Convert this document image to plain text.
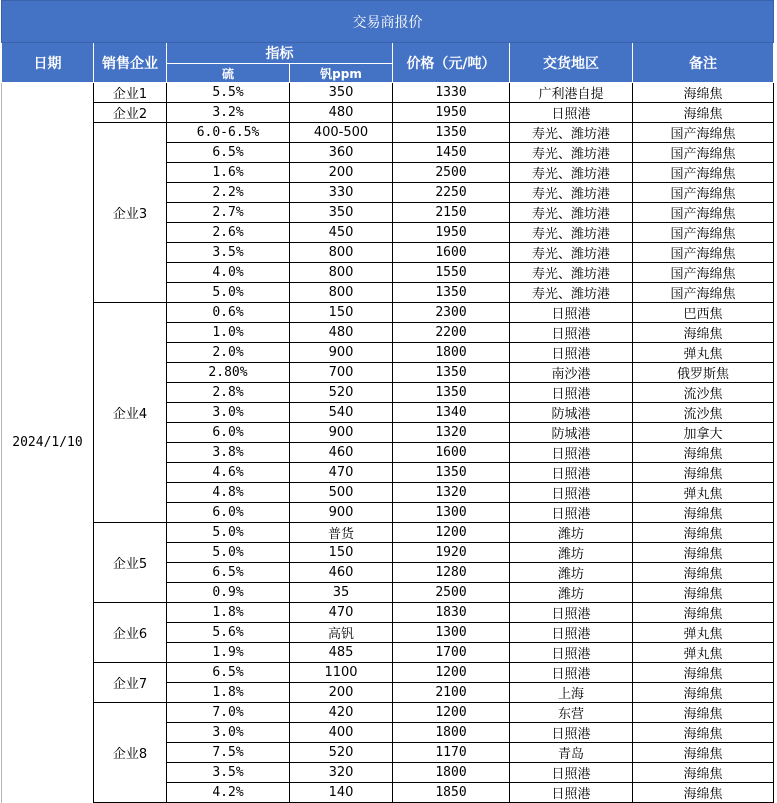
交易商报价						
日期	销售企业	指标		价格（元/吨）	交货地区	备注
		硫	钒ppm			
2024/1/10	企业1	5.5%	350	1330	广利港自提	海绵焦
	企业2	3.2%	480	1950	日照港	海绵焦
	企业3	6.0-6.5%	400-500	1350	寿光、潍坊港	国产海绵焦
		6.5%	360	1450	寿光、潍坊港	国产海绵焦
		1.6%	200	2500	寿光、潍坊港	国产海绵焦
		2.2%	330	2250	寿光、潍坊港	国产海绵焦
		2.7%	350	2150	寿光、潍坊港	国产海绵焦
		2.6%	450	1950	寿光、潍坊港	国产海绵焦
		3.5%	800	1600	寿光、潍坊港	国产海绵焦
		4.0%	800	1550	寿光、潍坊港	国产海绵焦
		5.0%	800	1350	寿光、潍坊港	国产海绵焦
	企业4	0.6%	150	2300	日照港	巴西焦
		1.0%	480	2200	日照港	海绵焦
		2.0%	900	1800	日照港	弹丸焦
		2.80%	700	1350	南沙港	俄罗斯焦
		2.8%	520	1350	日照港	流沙焦
		3.0%	540	1340	防城港	流沙焦
		6.0%	900	1320	防城港	加拿大
		3.8%	460	1600	日照港	海绵焦
		4.6%	470	1350	日照港	海绵焦
		4.8%	500	1320	日照港	弹丸焦
		6.0%	900	1300	日照港	海绵焦
	企业5	5.0%	普货	1200	潍坊	海绵焦
		5.0%	150	1920	潍坊	海绵焦
		6.5%	460	1280	潍坊	海绵焦
		0.9%	35	2500	潍坊	海绵焦
	企业6	1.8%	470	1830	日照港	海绵焦
		5.6%	高钒	1300	日照港	弹丸焦
		1.9%	485	1700	日照港	弹丸焦
	企业7	6.5%	1100	1200	日照港	海绵焦
		1.8%	200	2100	上海	海绵焦
	企业8	7.0%	420	1200	东营	海绵焦
		3.0%	400	1800	日照港	海绵焦
		7.5%	520	1170	青岛	海绵焦
		3.5%	320	1800	日照港	海绵焦
		4.2%	140	1850	日照港	海绵焦
